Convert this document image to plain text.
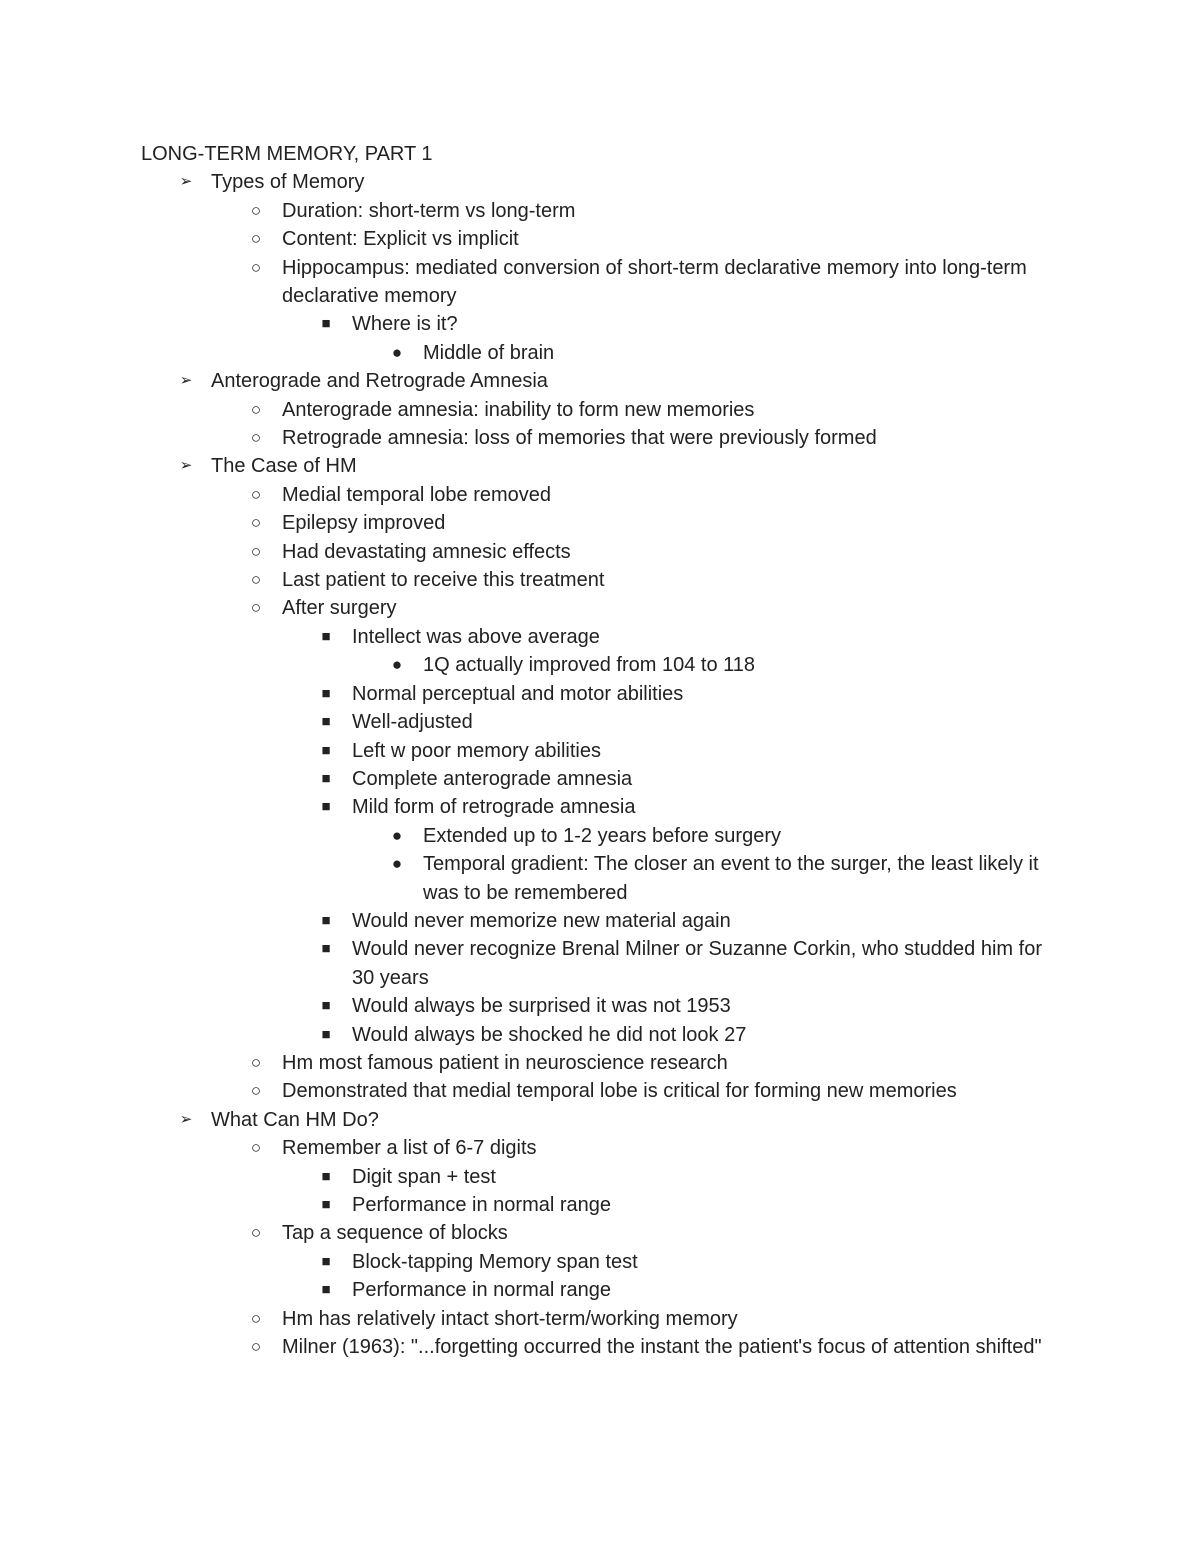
LONG-TERM MEMORY, PART 1
➢ Types of Memory
○ Duration: short-term vs long-term
○ Content: Explicit vs implicit
○ Hippocampus: mediated conversion of short-term declarative memory into long-term declarative memory
■	Where is it?
● Middle of brain
➢ Anterograde and Retrograde Amnesia
○ Anterograde amnesia: inability to form new memories
○ Retrograde amnesia: loss of memories that were previously formed
➢ The Case of HM
○ Medial temporal lobe removed
○ Epilepsy improved
○ Had devastating amnesic effects
○ Last patient to receive this treatment
○ After surgery
■	Intellect was above average
● 1Q actually improved from 104 to 118
■	Normal perceptual and motor abilities
■	Well-adjusted
■	Left w poor memory abilities
■	Complete anterograde amnesia
■	Mild form of retrograde amnesia
● Extended up to 1-2 years before surgery
● Temporal gradient: The closer an event to the surger, the least likely it was to be remembered
■	Would never memorize new material again
■	Would never recognize Brenal Milner or Suzanne Corkin, who studded him for 30 years
■	Would always be surprised it was not 1953
■	Would always be shocked he did not look 27
○ Hm most famous patient in neuroscience research
○ Demonstrated that medial temporal lobe is critical for forming new memories
➢ What Can HM Do?
○ Remember a list of 6-7 digits
■	Digit span + test
■	Performance in normal range
○ Tap a sequence of blocks
■	Block-tapping Memory span test
■	Performance in normal range
○ Hm has relatively intact short-term/working memory
○ Milner (1963): "...forgetting occurred the instant the patient's focus of attention shifted"
